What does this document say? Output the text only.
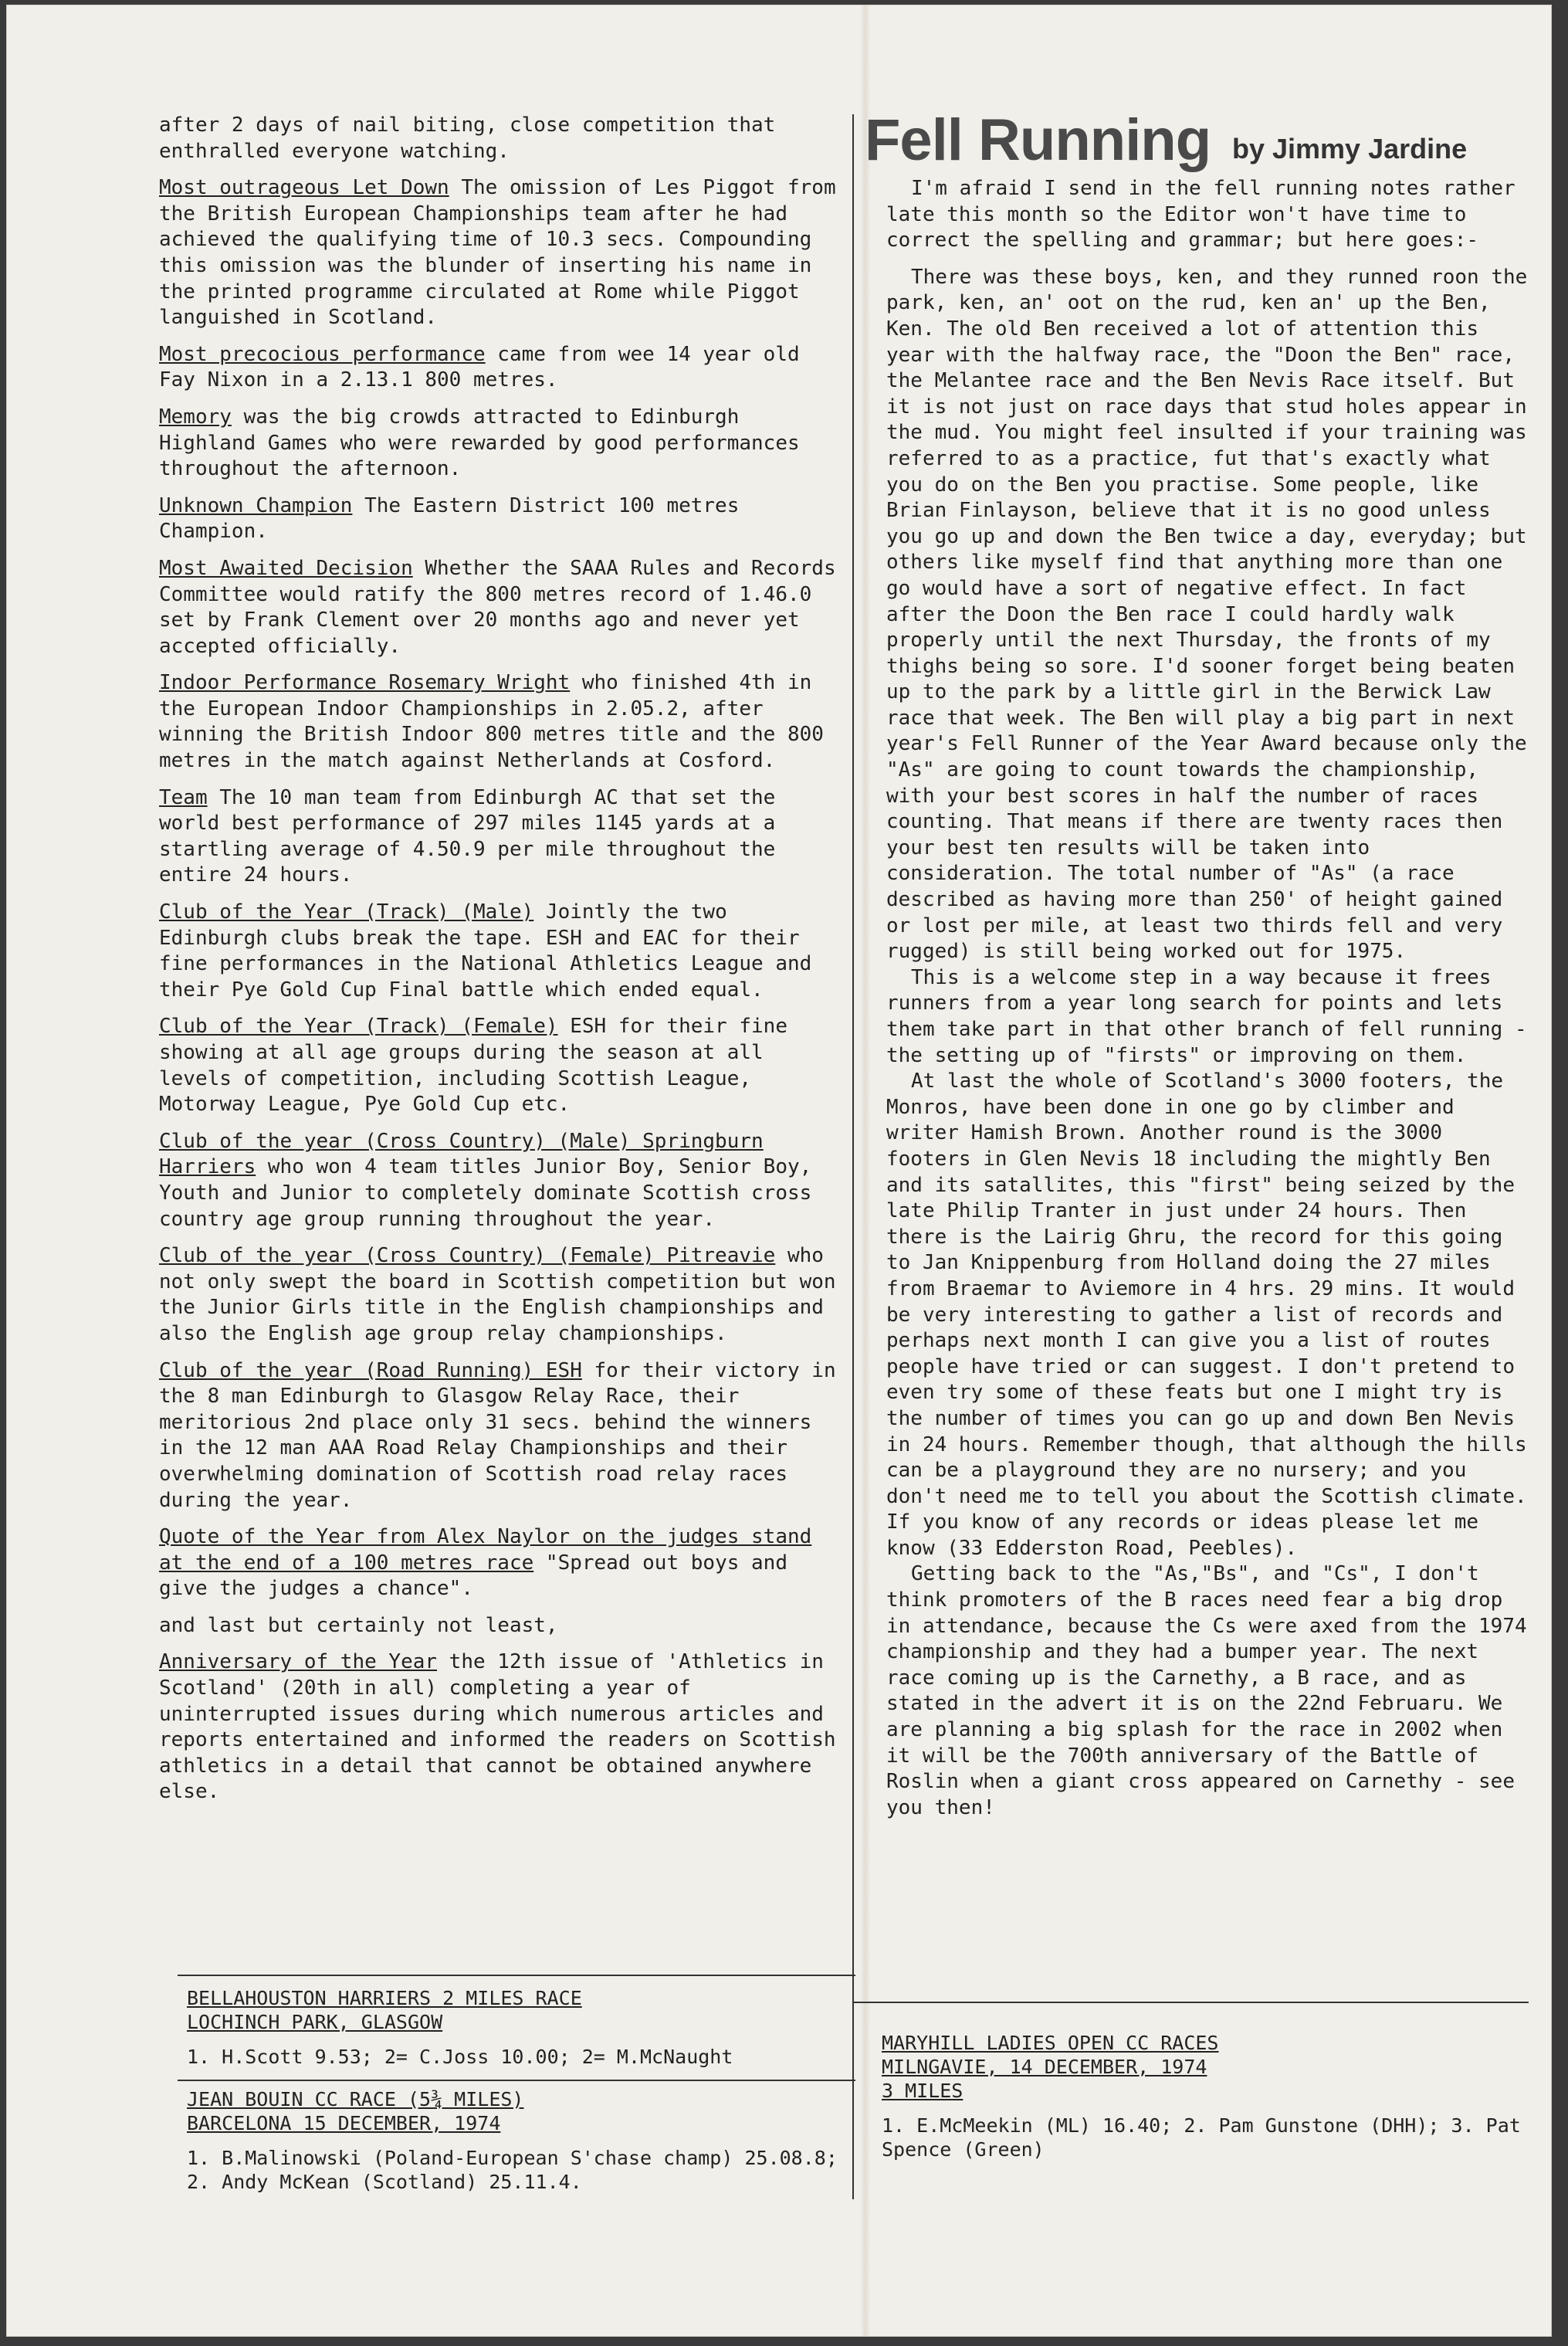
after 2 days of nail biting, close competition that enthralled everyone watching.

Most outrageous Let Down The omission of Les Piggot from the British European Championships team after he had achieved the qualifying time of 10.3 secs. Compounding this omission was the blunder of inserting his name in the printed programme circulated at Rome while Piggot languished in Scotland.

Most precocious performance came from wee 14 year old Fay Nixon in a 2.13.1 800 metres.

Memory was the big crowds attracted to Edinburgh Highland Games who were rewarded by good performances throughout the afternoon.

Unknown Champion The Eastern District 100 metres Champion.

Most Awaited Decision Whether the SAAA Rules and Records Committee would ratify the 800 metres record of 1.46.0 set by Frank Clement over 20 months ago and never yet accepted officially.

Indoor Performance Rosemary Wright who finished 4th in the European Indoor Championships in 2.05.2, after winning the British Indoor 800 metres title and the 800 metres in the match against Netherlands at Cosford.

Team The 10 man team from Edinburgh AC that set the world best performance of 297 miles 1145 yards at a startling average of 4.50.9 per mile throughout the entire 24 hours.

Club of the Year (Track) (Male) Jointly the two Edinburgh clubs break the tape. ESH and EAC for their fine performances in the National Athletics League and their Pye Gold Cup Final battle which ended equal.

Club of the Year (Track) (Female) ESH for their fine showing at all age groups during the season at all levels of competition, including Scottish League, Motorway League, Pye Gold Cup etc.

Club of the year (Cross Country) (Male) Springburn Harriers who won 4 team titles Junior Boy, Senior Boy, Youth and Junior to completely dominate Scottish cross country age group running throughout the year.

Club of the year (Cross Country) (Female) Pitreavie who not only swept the board in Scottish competition but won the Junior Girls title in the English championships and also the English age group relay championships.

Club of the year (Road Running) ESH for their victory in the 8 man Edinburgh to Glasgow Relay Race, their meritorious 2nd place only 31 secs. behind the winners in the 12 man AAA Road Relay Championships and their overwhelming domination of Scottish road relay races during the year.

Quote of the Year from Alex Naylor on the judges stand at the end of a 100 metres race "Spread out boys and give the judges a chance".

and last but certainly not least,

Anniversary of the Year the 12th issue of 'Athletics in Scotland' (20th in all) completing a year of uninterrupted issues during which numerous articles and reports entertained and informed the readers on Scottish athletics in a detail that cannot be obtained anywhere else.

BELLAHOUSTON HARRIERS 2 MILES RACE
LOCHINCH PARK, GLASGOW

1. H.Scott 9.53; 2= C.Joss 10.00; 2= M.McNaught

JEAN BOUIN CC RACE (5¾ MILES)
BARCELONA 15 DECEMBER, 1974

1. B.Malinowski (Poland-European S'chase champ) 25.08.8; 2. Andy McKean (Scotland) 25.11.4.

Fell Running by Jimmy Jardine

I'm afraid I send in the fell running notes rather late this month so the Editor won't have time to correct the spelling and grammar; but here goes:-

There was these boys, ken, and they runned roon the park, ken, an' oot on the rud, ken an' up the Ben, Ken. The old Ben received a lot of attention this year with the halfway race, the "Doon the Ben" race, the Melantee race and the Ben Nevis Race itself. But it is not just on race days that stud holes appear in the mud. You might feel insulted if your training was referred to as a practice, fut that's exactly what you do on the Ben you practise. Some people, like Brian Finlayson, believe that it is no good unless you go up and down the Ben twice a day, everyday; but others like myself find that anything more than one go would have a sort of negative effect. In fact after the Doon the Ben race I could hardly walk properly until the next Thursday, the fronts of my thighs being so sore. I'd sooner forget being beaten up to the park by a little girl in the Berwick Law race that week. The Ben will play a big part in next year's Fell Runner of the Year Award because only the "As" are going to count towards the championship, with your best scores in half the number of races counting. That means if there are twenty races then your best ten results will be taken into consideration. The total number of "As" (a race described as having more than 250' of height gained or lost per mile, at least two thirds fell and very rugged) is still being worked out for 1975.

This is a welcome step in a way because it frees runners from a year long search for points and lets them take part in that other branch of fell running - the setting up of "firsts" or improving on them.

At last the whole of Scotland's 3000 footers, the Monros, have been done in one go by climber and writer Hamish Brown. Another round is the 3000 footers in Glen Nevis 18 including the mightly Ben and its satallites, this "first" being seized by the late Philip Tranter in just under 24 hours. Then there is the Lairig Ghru, the record for this going to Jan Knippenburg from Holland doing the 27 miles from Braemar to Aviemore in 4 hrs. 29 mins. It would be very interesting to gather a list of records and perhaps next month I can give you a list of routes people have tried or can suggest. I don't pretend to even try some of these feats but one I might try is the number of times you can go up and down Ben Nevis in 24 hours. Remember though, that although the hills can be a playground they are no nursery; and you don't need me to tell you about the Scottish climate. If you know of any records or ideas please let me know (33 Edderston Road, Peebles).

Getting back to the "As,"Bs", and "Cs", I don't think promoters of the B races need fear a big drop in attendance, because the Cs were axed from the 1974 championship and they had a bumper year. The next race coming up is the Carnethy, a B race, and as stated in the advert it is on the 22nd Februaru. We are planning a big splash for the race in 2002 when it will be the 700th anniversary of the Battle of Roslin when a giant cross appeared on Carnethy - see you then!

MARYHILL LADIES OPEN CC RACES
MILNGAVIE, 14 DECEMBER, 1974
3 MILES

1. E.McMeekin (ML) 16.40; 2. Pam Gunstone (DHH); 3. Pat Spence (Green)
